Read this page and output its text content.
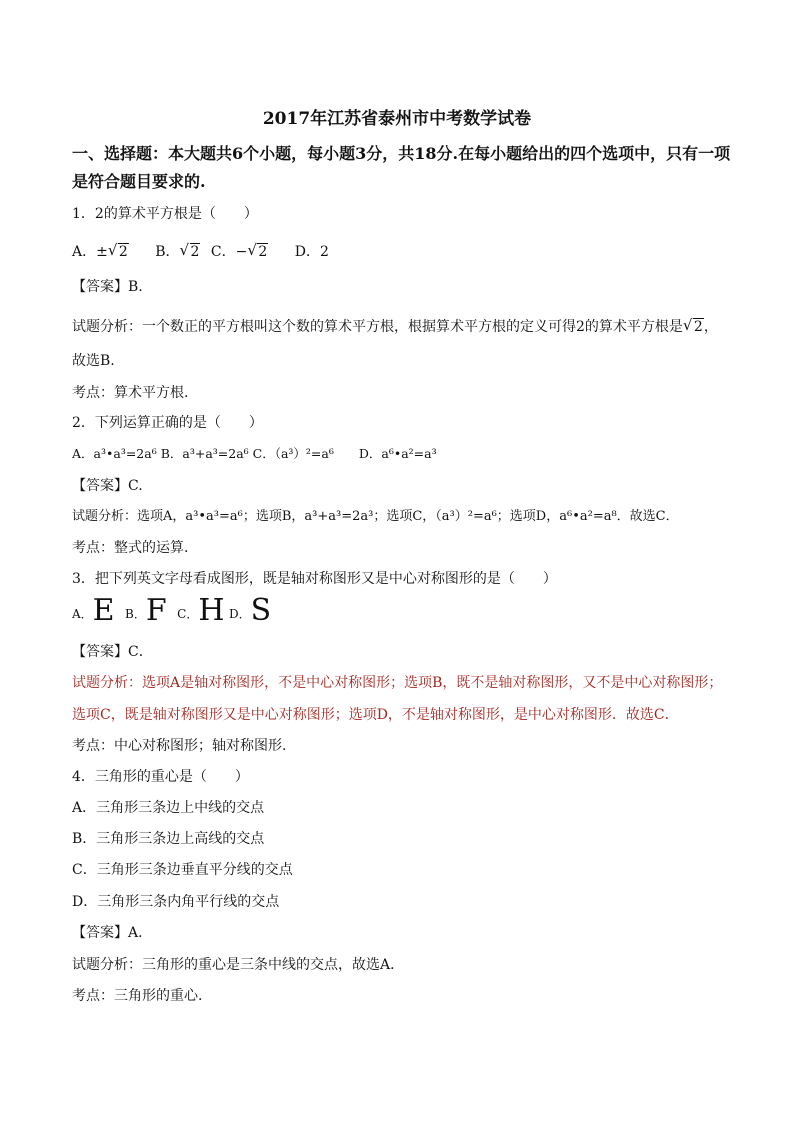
2017年江苏省泰州市中考数学试卷
一、选择题：本大题共6个小题，每小题3分，共18分.在每小题给出的四个选项中，只有一项是符合题目要求的.
1．2的算术平方根是（　　）
A．± √ 2 B． √ 2 C．− √ 2 D．2
【答案】B.
试题分析：一个数正的平方根叫这个数的算术平方根，根据算术平方根的定义可得2的算术平方根是 √ 2，
故选B.
考点：算术平方根.
2．下列运算正确的是（　　）
A．a³•a³=2a⁶ B．a³+a³=2a⁶ C．（a³）²=a⁶　　D．a⁶•a²=a³
【答案】C.
试题分析：选项A，a³•a³=a⁶；选项B，a³+a³=2a³；选项C，（a³）²=a⁶；选项D，a⁶•a²=a⁸．故选C．
考点：整式的运算.
3．把下列英文字母看成图形，既是轴对称图形又是中心对称图形的是（　　）
A．E B．F C．H D．S
【答案】C．
试题分析：选项A是轴对称图形，不是中心对称图形；选项B，既不是轴对称图形，又不是中心对称图形；
选项C，既是轴对称图形又是中心对称图形；选项D，不是轴对称图形，是中心对称图形．故选C．
考点：中心对称图形；轴对称图形.
4．三角形的重心是（　　）
A．三角形三条边上中线的交点
B．三角形三条边上高线的交点
C．三角形三条边垂直平分线的交点
D．三角形三条内角平行线的交点
【答案】A．
试题分析：三角形的重心是三条中线的交点，故选A．
考点：三角形的重心.
